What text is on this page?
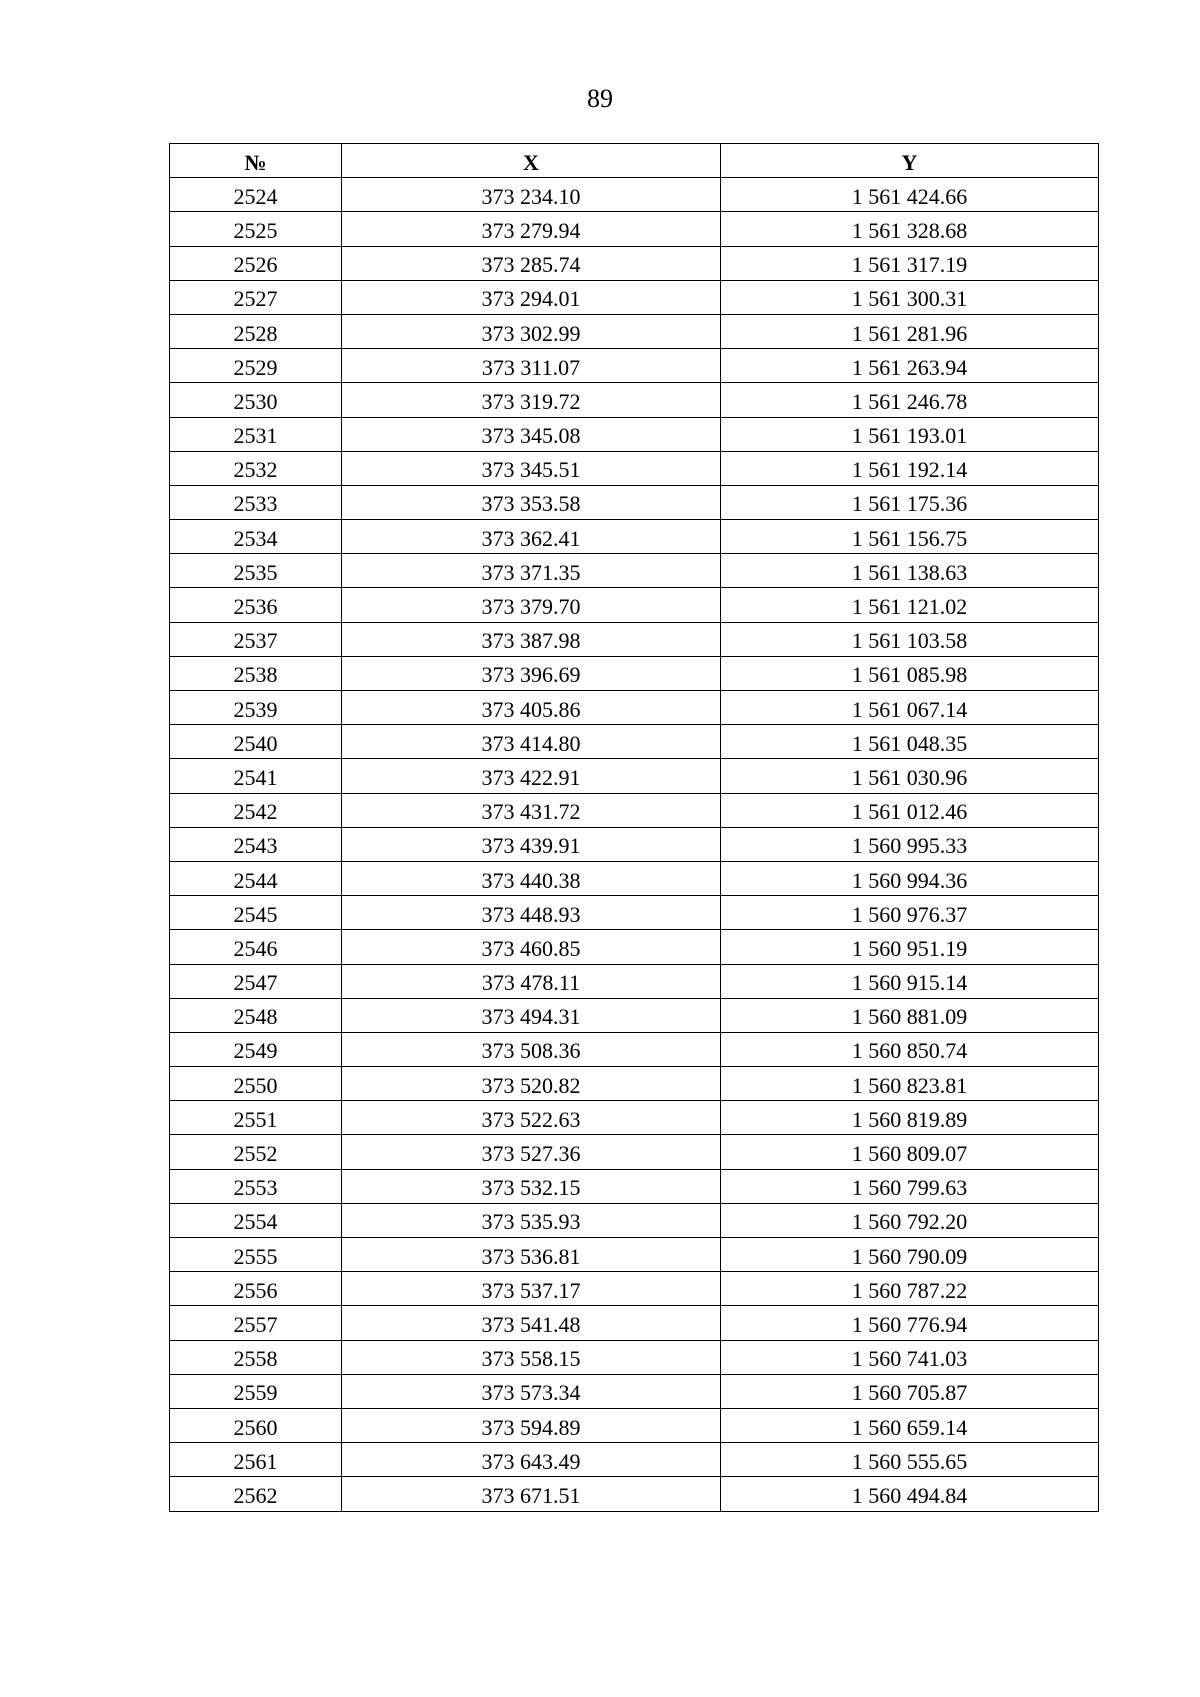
89
№	X	Y
2524	373 234.10	1 561 424.66
2525	373 279.94	1 561 328.68
2526	373 285.74	1 561 317.19
2527	373 294.01	1 561 300.31
2528	373 302.99	1 561 281.96
2529	373 311.07	1 561 263.94
2530	373 319.72	1 561 246.78
2531	373 345.08	1 561 193.01
2532	373 345.51	1 561 192.14
2533	373 353.58	1 561 175.36
2534	373 362.41	1 561 156.75
2535	373 371.35	1 561 138.63
2536	373 379.70	1 561 121.02
2537	373 387.98	1 561 103.58
2538	373 396.69	1 561 085.98
2539	373 405.86	1 561 067.14
2540	373 414.80	1 561 048.35
2541	373 422.91	1 561 030.96
2542	373 431.72	1 561 012.46
2543	373 439.91	1 560 995.33
2544	373 440.38	1 560 994.36
2545	373 448.93	1 560 976.37
2546	373 460.85	1 560 951.19
2547	373 478.11	1 560 915.14
2548	373 494.31	1 560 881.09
2549	373 508.36	1 560 850.74
2550	373 520.82	1 560 823.81
2551	373 522.63	1 560 819.89
2552	373 527.36	1 560 809.07
2553	373 532.15	1 560 799.63
2554	373 535.93	1 560 792.20
2555	373 536.81	1 560 790.09
2556	373 537.17	1 560 787.22
2557	373 541.48	1 560 776.94
2558	373 558.15	1 560 741.03
2559	373 573.34	1 560 705.87
2560	373 594.89	1 560 659.14
2561	373 643.49	1 560 555.65
2562	373 671.51	1 560 494.84
